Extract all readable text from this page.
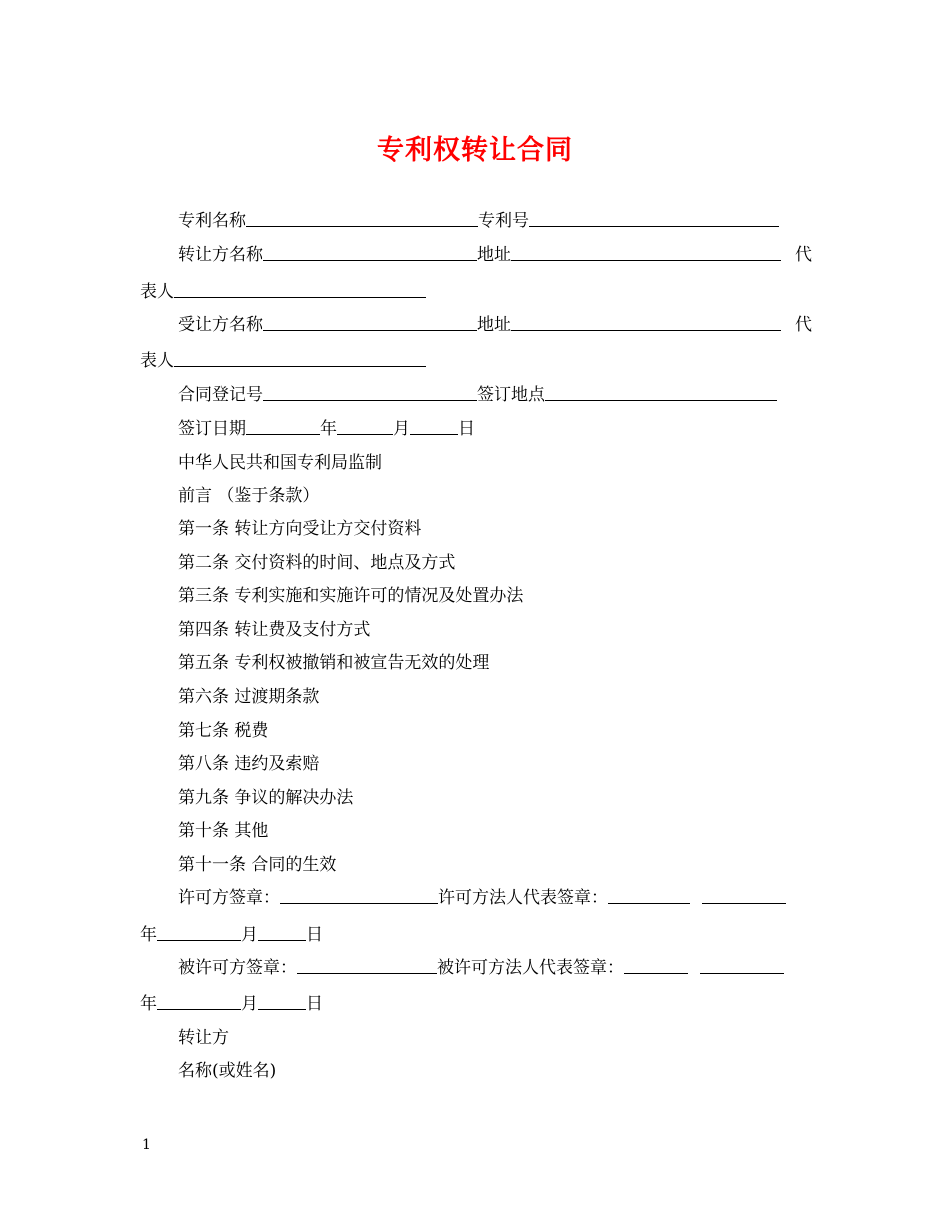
专利权转让合同
专利名称	专利号
转让方名称	地址	代
表人
受让方名称	地址	代
表人
合同登记号	签订地点
签订日期	年	月	日
中华人民共和国专利局监制
前言 （鉴于条款）
第一条 转让方向受让方交付资料
第二条 交付资料的时间、地点及方式
第三条 专利实施和实施许可的情况及处置办法
第四条 转让费及支付方式
第五条 专利权被撤销和被宣告无效的处理
第六条 过渡期条款
第七条 税费
第八条 违约及索赔
第九条 争议的解决办法
第十条 其他
第十一条 合同的生效
许可方签章：	许可方法人代表签章：
年	月	日
被许可方签章：	被许可方法人代表签章：
年	月	日
转让方
名称(或姓名)
1
